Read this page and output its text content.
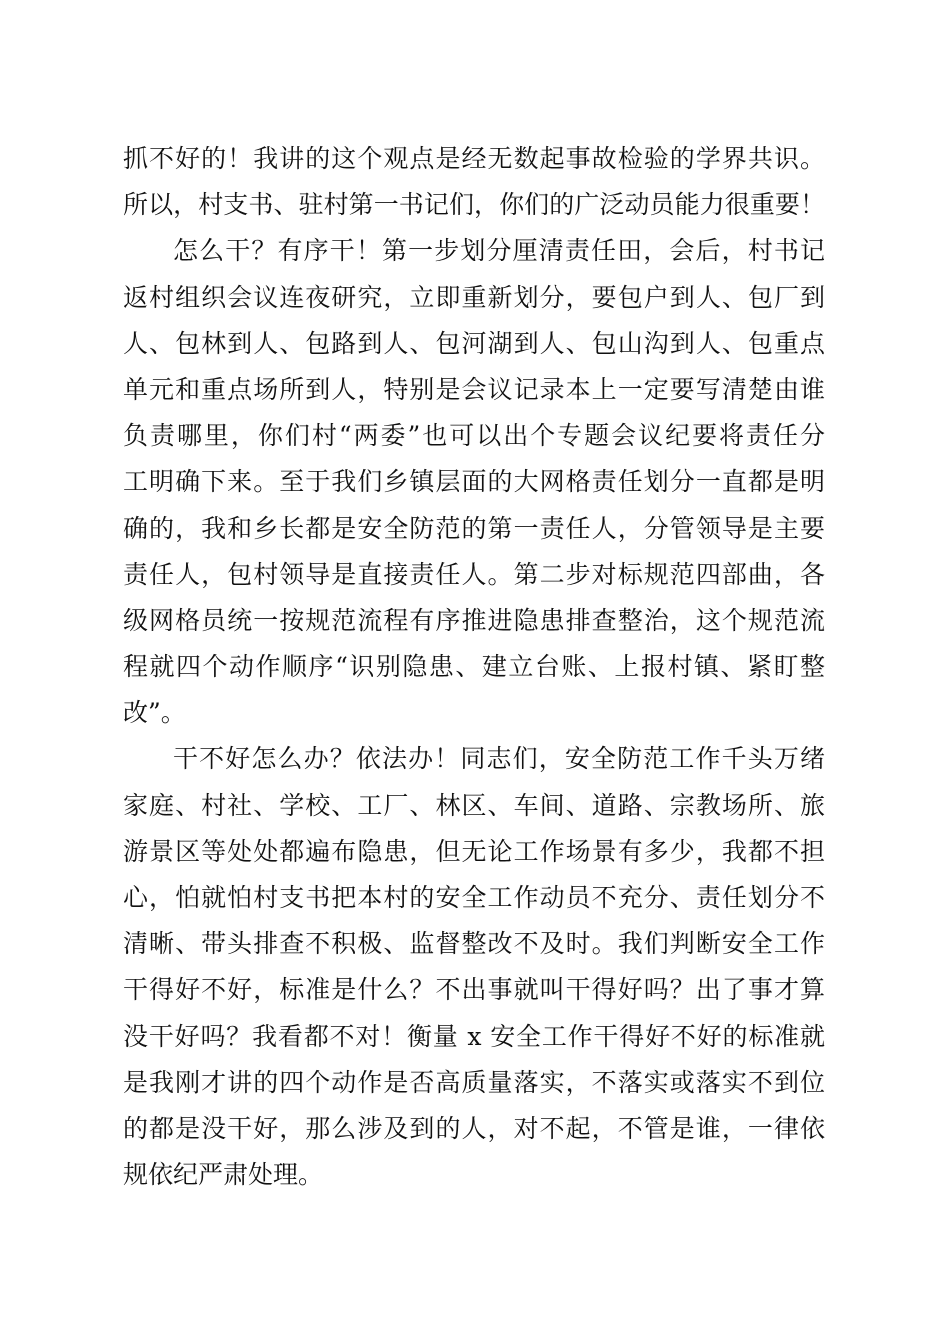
抓不好的！我讲的这个观点是经无数起事故检验的学界共识。
所以，村支书、驻村第一书记们，你们的广泛动员能力很重要！
怎么干？有序干！第一步划分厘清责任田，会后，村书记
返村组织会议连夜研究，立即重新划分，要包户到人、包厂到
人、包林到人、包路到人、包河湖到人、包山沟到人、包重点
单元和重点场所到人，特别是会议记录本上一定要写清楚由谁
负责哪里，你们村“两委”也可以出个专题会议纪要将责任分
工明确下来。至于我们乡镇层面的大网格责任划分一直都是明
确的，我和乡长都是安全防范的第一责任人，分管领导是主要
责任人，包村领导是直接责任人。第二步对标规范四部曲，各
级网格员统一按规范流程有序推进隐患排查整治，这个规范流
程就四个动作顺序“识别隐患、建立台账、上报村镇、紧盯整
改”。
干不好怎么办？依法办！同志们，安全防范工作千头万绪
家庭、村社、学校、工厂、林区、车间、道路、宗教场所、旅
游景区等处处都遍布隐患，但无论工作场景有多少，我都不担
心，怕就怕村支书把本村的安全工作动员不充分、责任划分不
清晰、带头排查不积极、监督整改不及时。我们判断安全工作
干得好不好，标准是什么？不出事就叫干得好吗？出了事才算
没干好吗？我看都不对！衡量 x 安全工作干得好不好的标准就
是我刚才讲的四个动作是否高质量落实，不落实或落实不到位
的都是没干好，那么涉及到的人，对不起，不管是谁，一律依
规依纪严肃处理。
